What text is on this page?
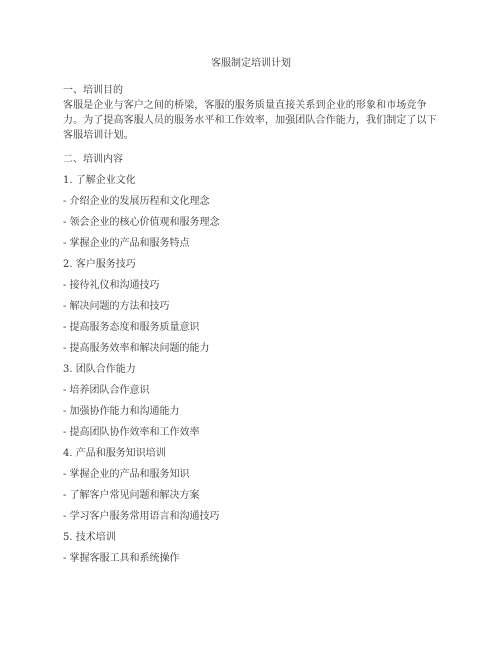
客服制定培训计划
一、培训目的
客服是企业与客户之间的桥梁，客服的服务质量直接关系到企业的形象和市场竞争力。为了提高客服人员的服务水平和工作效率，加强团队合作能力，我们制定了以下客服培训计划。
二、培训内容
1. 了解企业文化
- 介绍企业的发展历程和文化理念
- 领会企业的核心价值观和服务理念
- 掌握企业的产品和服务特点
2. 客户服务技巧
- 接待礼仪和沟通技巧
- 解决问题的方法和技巧
- 提高服务态度和服务质量意识
- 提高服务效率和解决问题的能力
3. 团队合作能力
- 培养团队合作意识
- 加强协作能力和沟通能力
- 提高团队协作效率和工作效率
4. 产品和服务知识培训
- 掌握企业的产品和服务知识
- 了解客户常见问题和解决方案
- 学习客户服务常用语言和沟通技巧
5. 技术培训
- 掌握客服工具和系统操作
